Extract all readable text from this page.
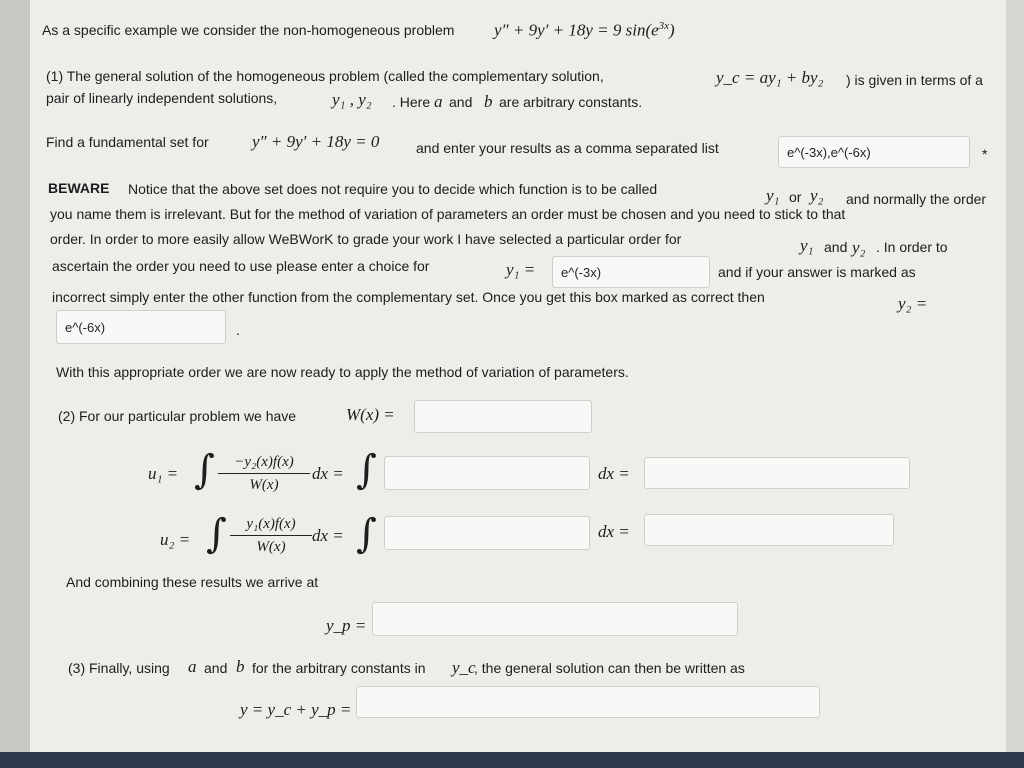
As a specific example we consider the non-homogeneous problem y″ + 9y′ + 18y = 9 $\sin(e^{3x})$
(1) The general solution of the homogeneous problem (called the complementary solution,	y_c = ay₁ + by₂ ) is given in terms of a
pair of linearly independent solutions,	y₁ , y₂ . Here a and b are arbitrary constants.
Find a fundamental set for	y″ + 9y′ + 18y = 0	and enter your results as a comma separated list
e^(-3x),e^(-6x)	*
BEWARE Notice that the above set does not require you to decide which function is to be called	y₁ or y₂ and normally the order
you name them is irrelevant. But for the method of variation of parameters an order must be chosen and you need to stick to that
order. In order to more easily allow WeBWorK to grade your work I have selected a particular order for	y₁ and y₂ . In order to
ascertain the order you need to use please enter a choice for	y₁ =
e^(-3x)	and if your answer is marked as
incorrect simply enter the other function from the complementary set. Once you get this box marked as correct then	y₂ =
e^(-6x)
.
With this appropriate order we are now ready to apply the method of variation of parameters.
(2) For our particular problem we have	W(x) =
u₁ = ∫ $\frac{\text{−y₂(x)f(x)}}{W(x)}$ dx = ∫	dx =
u₂ = ∫ $\frac{\text{y₁(x)f(x)}}{W(x)}$ dx = ∫	dx =
And combining these results we arrive at
y_p =
(3) Finally, using a and b for the arbitrary constants in y_c
, the general solution can then be written as
y = y_c + y_p =
